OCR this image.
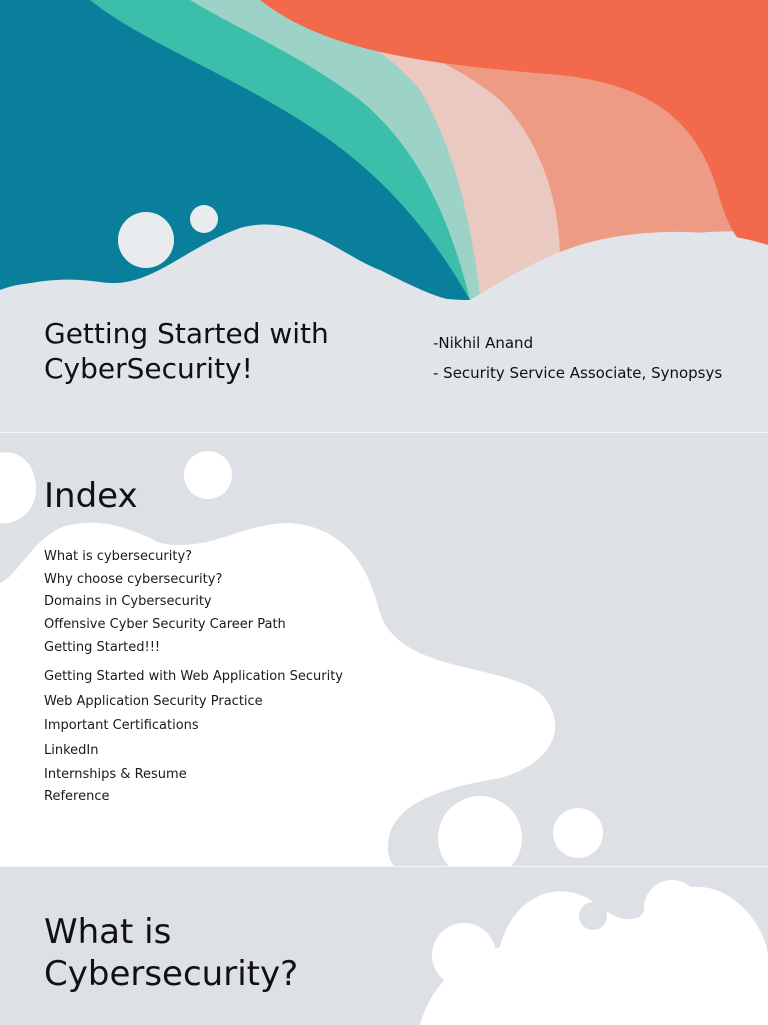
Getting Started with CyberSecurity!
-Nikhil Anand
- Security Service Associate, Synopsys
Index
What is cybersecurity?
Why choose cybersecurity?
Domains in Cybersecurity
Offensive Cyber Security Career Path
Getting Started!!!
Getting Started with Web Application Security
Web Application Security Practice
Important Certifications
LinkedIn
Internships & Resume
Reference
What is
Cybersecurity?
